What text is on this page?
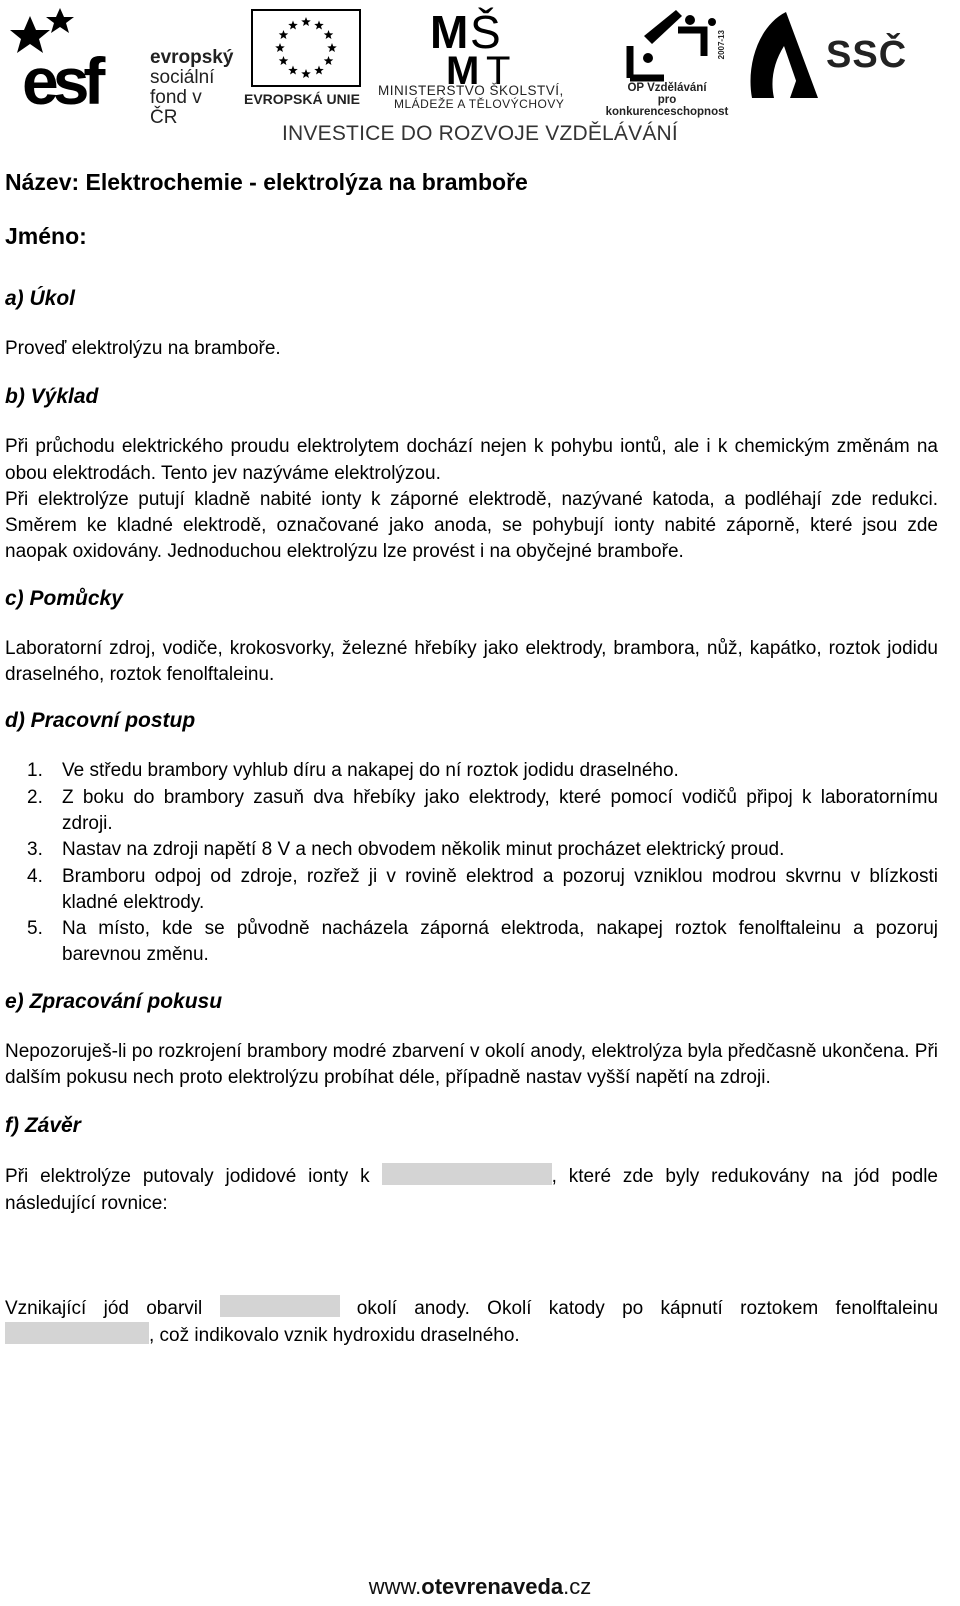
esf	evropský
sociální
fond v ČR
EVROPSKÁ UNIE
M Š
M T
MINISTERSTVO ŠKOLSTVÍ,
MLÁDEŽE A TĚLOVÝCHOVY
OP Vzdělávání
pro konkurenceschopnost
2007-13	SSČ
INVESTICE DO ROZVOJE VZDĚLÁVÁNÍ
Název: Elektrochemie - elektrolýza na bramboře
Jméno:
a) Úkol

Proveď elektrolýzu na bramboře.

b) Výklad

Při průchodu elektrického proudu elektrolytem dochází nejen k pohybu iontů, ale i k chemickým změnám na obou elektrodách. Tento jev nazýváme elektrolýzou.

Při elektrolýze putují kladně nabité ionty k záporné elektrodě, nazývané katoda, a podléhají zde redukci. Směrem ke kladné elektrodě, označované jako anoda, se pohybují ionty nabité záporně, které jsou zde naopak oxidovány. Jednoduchou elektrolýzu lze provést i na obyčejné bramboře.

c) Pomůcky

Laboratorní zdroj, vodiče, krokosvorky, železné hřebíky jako elektrody, brambora, nůž, kapátko, roztok jodidu draselného, roztok fenolftaleinu.

d) Pracovní postup
1.	Ve středu brambory vyhlub díru a nakapej do ní roztok jodidu draselného.
2.	Z boku do brambory zasuň dva hřebíky jako elektrody, které pomocí vodičů připoj k laboratornímu zdroji.
3.	Nastav na zdroji napětí 8 V a nech obvodem několik minut procházet elektrický proud.
4.	Bramboru odpoj od zdroje, rozřež ji v rovině elektrod a pozoruj vzniklou modrou skvrnu v blízkosti kladné elektrody.
5.	Na místo, kde se původně nacházela záporná elektroda, nakapej roztok fenolftaleinu a pozoruj barevnou změnu.
e) Zpracování pokusu

Nepozoruješ-li po rozkrojení brambory modré zbarvení v okolí anody, elektrolýza byla předčasně ukončena. Při dalším pokusu nech proto elektrolýzu probíhat déle, případně nastav vyšší napětí na zdroji.

f) Závěr

Při elektrolýze putovaly jodidové ionty k	, které zde byly redukovány na jód podle následující rovnice:

Vznikající jód obarvil	okolí anody. Okolí katody po kápnutí roztokem fenolftaleinu , což indikovalo vznik hydroxidu draselného.

www.otevrenaveda.cz
